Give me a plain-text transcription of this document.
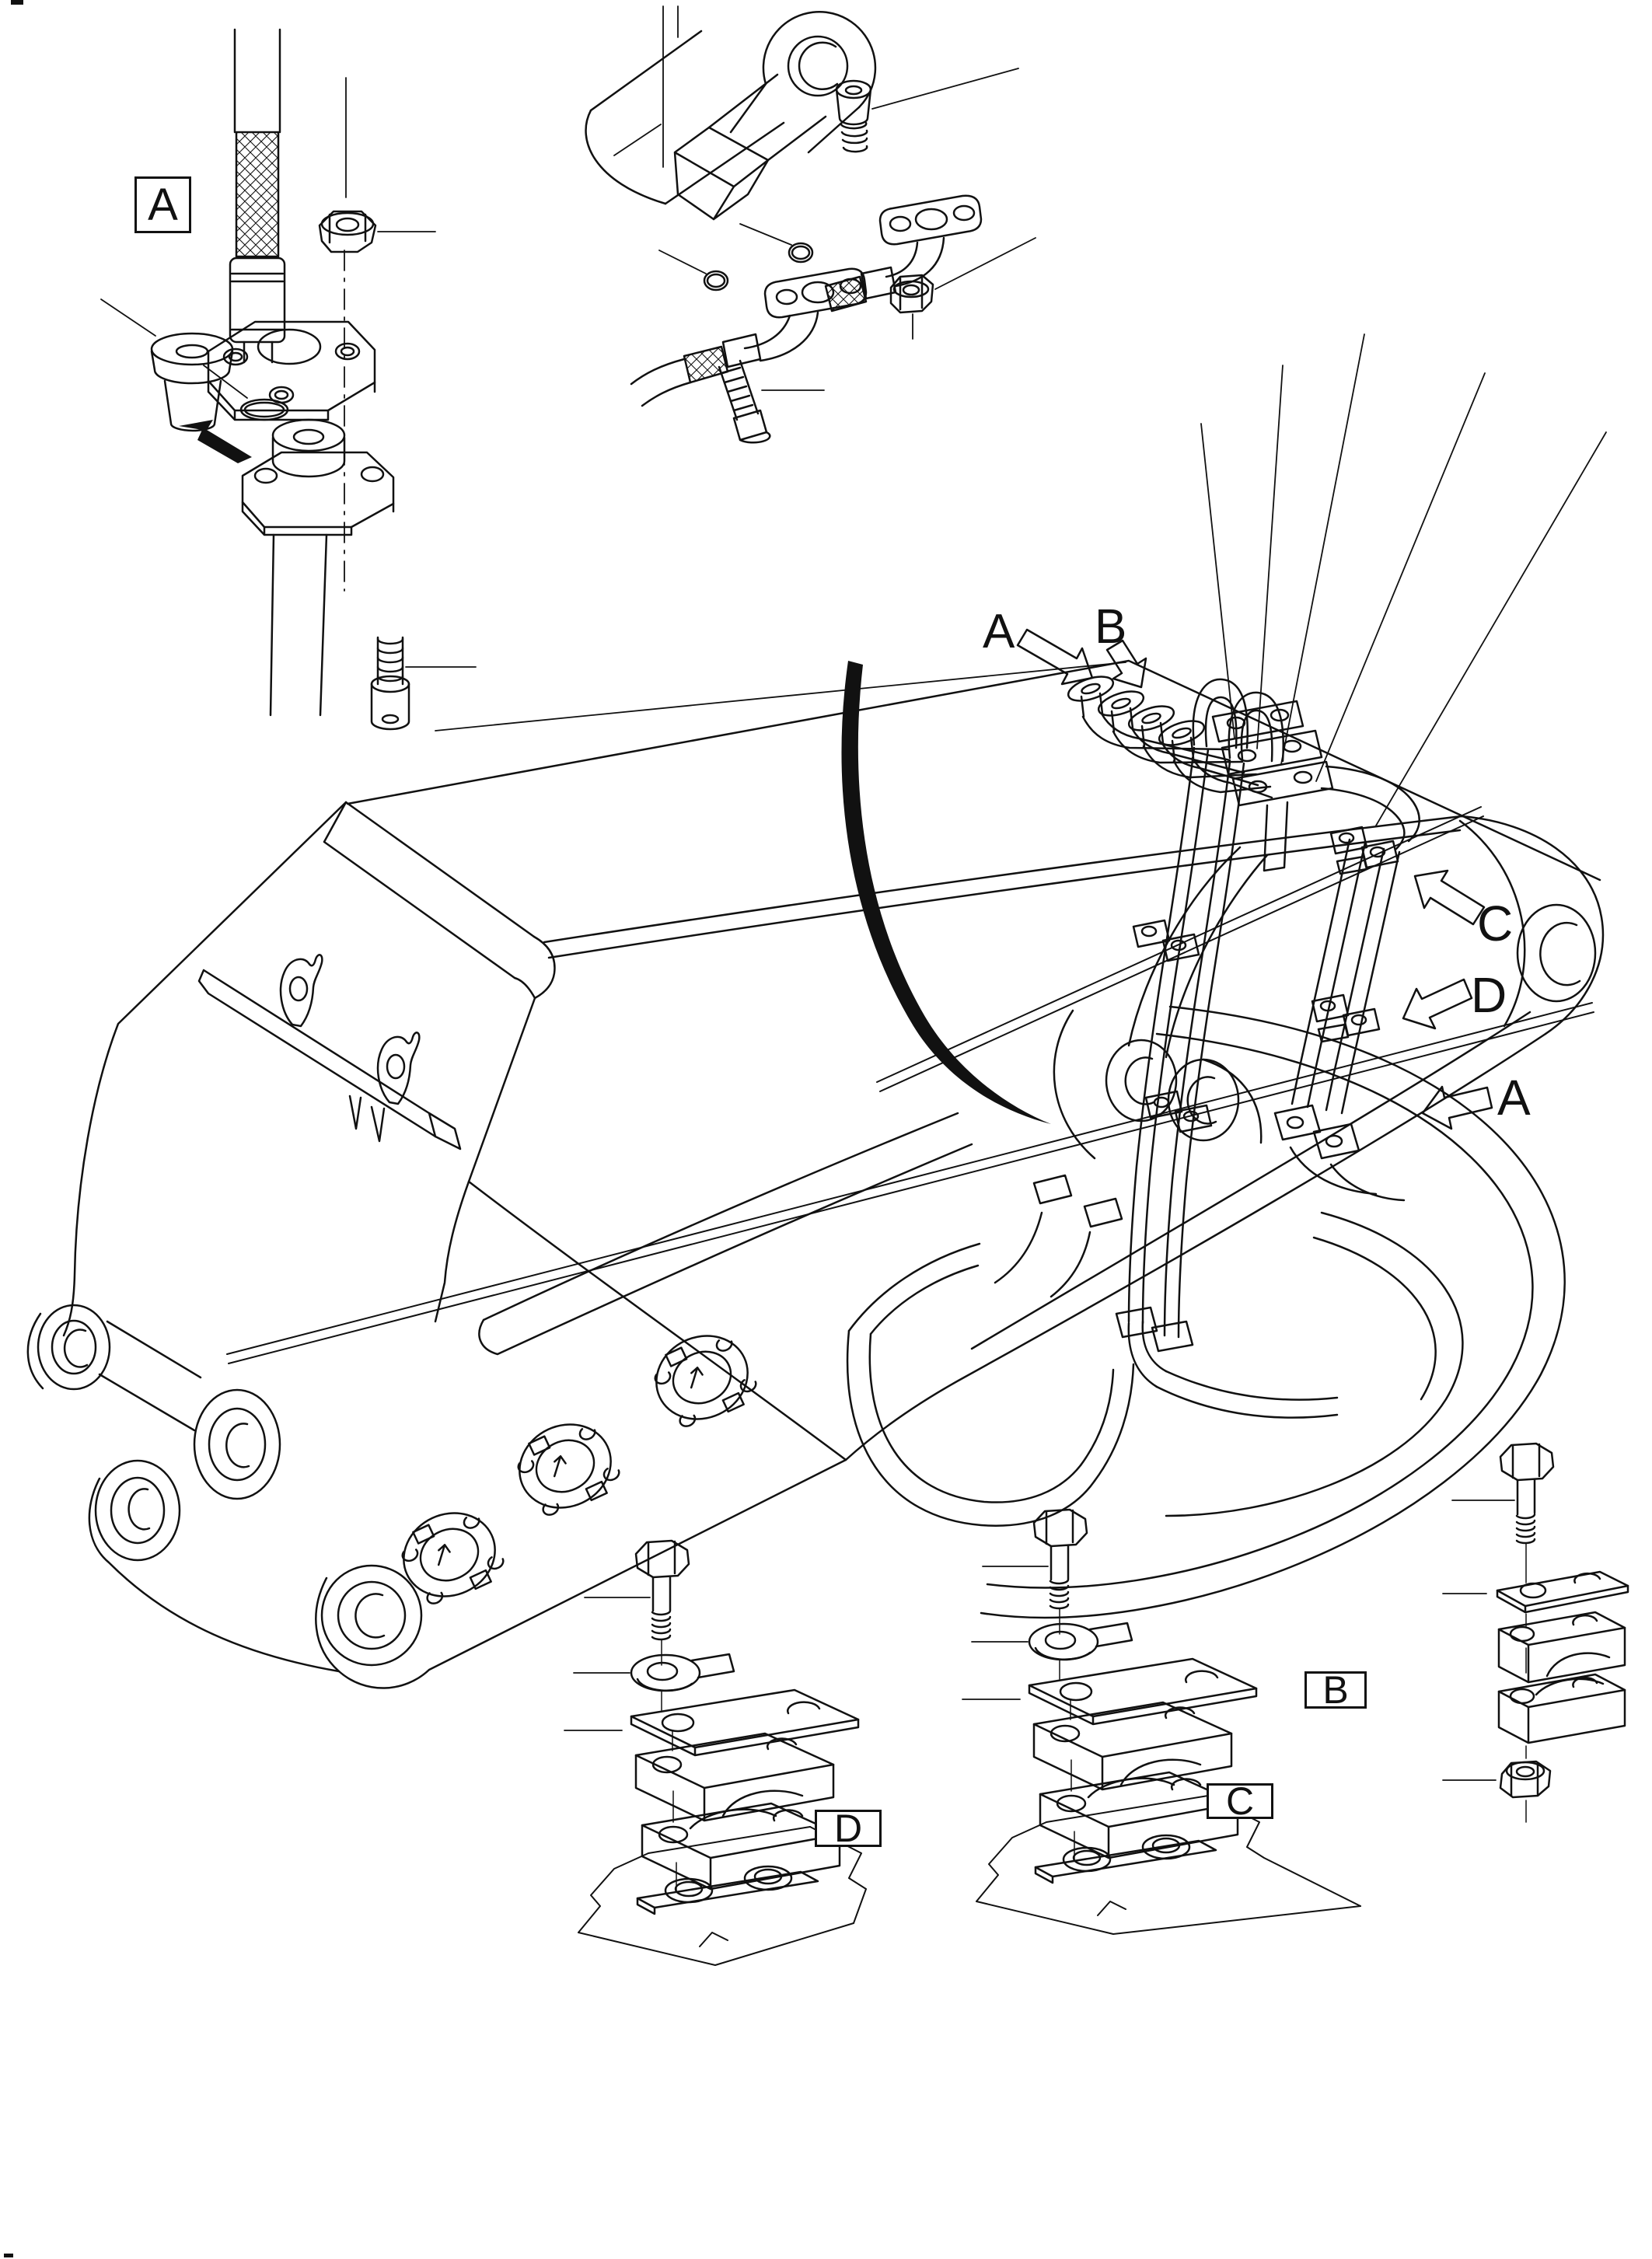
A
A B
C
D
A
D
C
B
